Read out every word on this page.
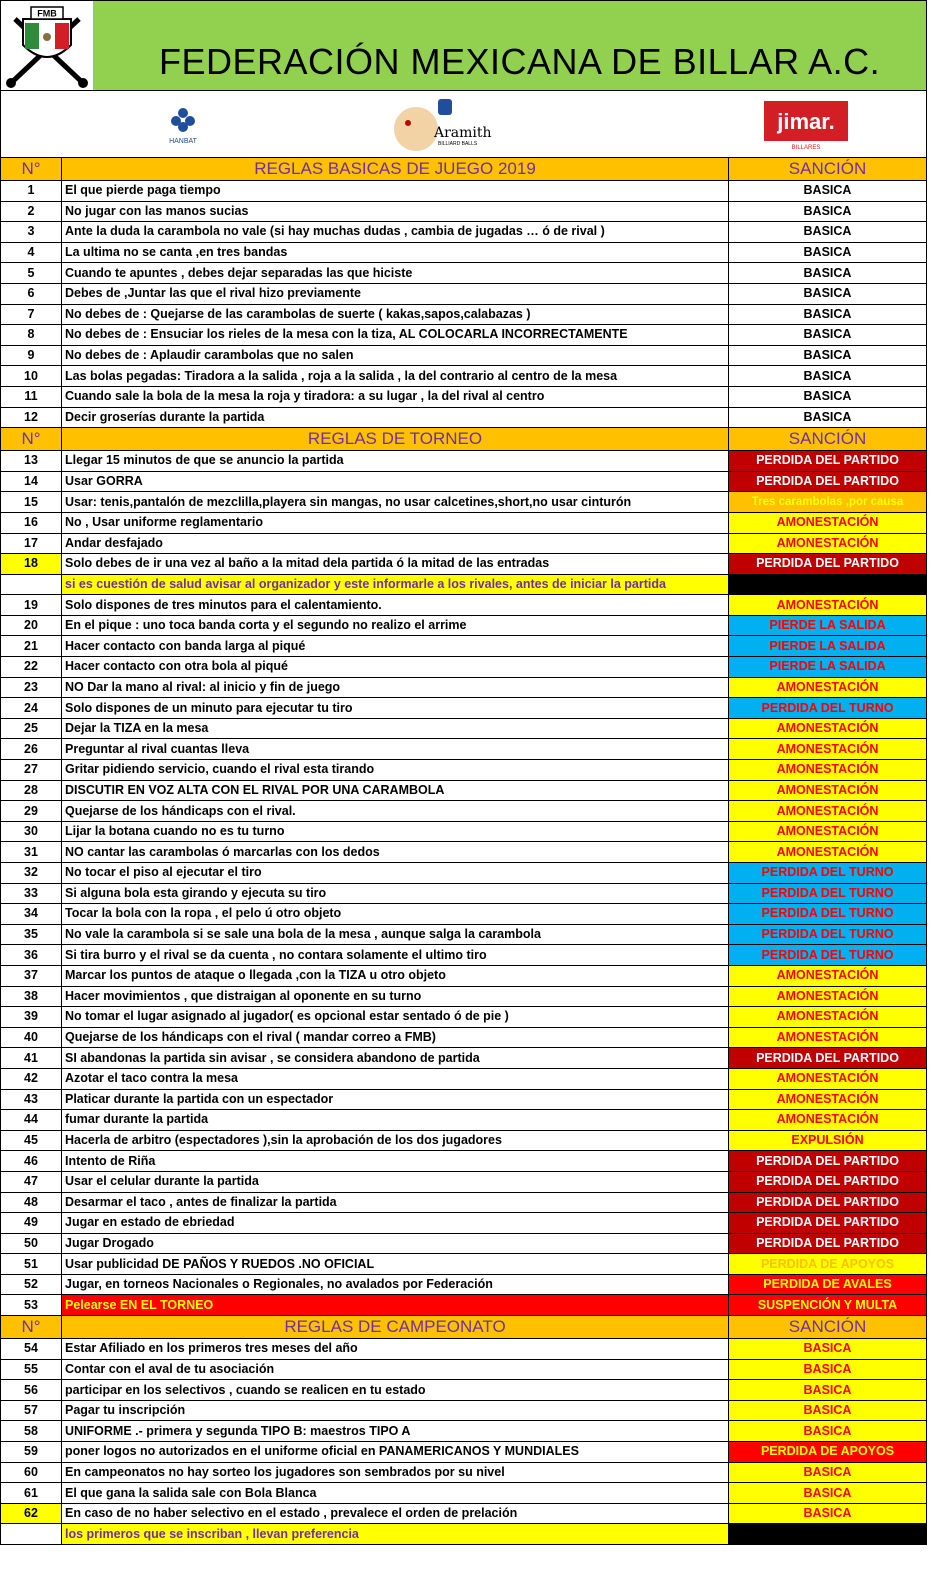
FMB
FEDERACIÓN MEXICANA DE BILLAR A.C.
HANBAT
Aramith
BILLIARD BALLS
jimar.
BILLARES
N°	REGLAS BASICAS DE JUEGO 2019	SANCIÓN
1	El que pierde paga tiempo	BASICA
2	No jugar con las manos sucias	BASICA
3	Ante la duda la carambola no vale (si hay muchas dudas , cambia de jugadas … ó de rival )	BASICA
4	La ultima no se canta ,en tres bandas	BASICA
5	Cuando te apuntes , debes dejar separadas las que hiciste	BASICA
6	Debes de ,Juntar las que el rival hizo previamente	BASICA
7	No debes de : Quejarse de las carambolas de suerte ( kakas,sapos,calabazas )	BASICA
8	No debes de : Ensuciar los rieles de la mesa con la tiza, AL COLOCARLA INCORRECTAMENTE	BASICA
9	No debes de : Aplaudir carambolas que no salen	BASICA
10	Las bolas pegadas: Tiradora a la salida , roja a la salida , la del contrario al centro de la mesa	BASICA
11	Cuando sale la bola de la mesa la roja y tiradora: a su lugar , la del rival al centro	BASICA
12	Decir groserías durante la partida	BASICA
N°	REGLAS DE TORNEO	SANCIÓN
13	Llegar 15 minutos de que se anuncio la partida	PERDIDA DEL PARTIDO
14	Usar GORRA	PERDIDA DEL PARTIDO
15	Usar: tenis,pantalón de mezclilla,playera sin mangas, no usar calcetines,short,no usar cinturón	Tres carambolas ,por causa
16	No , Usar uniforme reglamentario	AMONESTACIÓN
17	Andar desfajado	AMONESTACIÓN
18	Solo debes de ir una vez al baño a la mitad dela partida ó la mitad de las entradas	PERDIDA DEL PARTIDO
	si es cuestión de salud avisar al organizador y este informarle a los rivales, antes de iniciar la partida	
19	Solo dispones de tres minutos para el calentamiento.	AMONESTACIÓN
20	En el pique : uno toca banda corta y el segundo no realizo el arrime	PIERDE LA SALIDA
21	Hacer contacto con banda larga al piqué	PIERDE LA SALIDA
22	Hacer contacto con otra bola al piqué	PIERDE LA SALIDA
23	NO Dar la mano al rival: al inicio y fin de juego	AMONESTACIÓN
24	Solo dispones de un minuto para ejecutar tu tiro	PERDIDA DEL TURNO
25	Dejar la TIZA en la mesa	AMONESTACIÓN
26	Preguntar al rival cuantas lleva	AMONESTACIÓN
27	Gritar pidiendo servicio, cuando el rival esta tirando	AMONESTACIÓN
28	DISCUTIR EN VOZ ALTA CON EL RIVAL POR UNA CARAMBOLA	AMONESTACIÓN
29	Quejarse de los hándicaps con el rival.	AMONESTACIÓN
30	Lijar la botana cuando no es tu turno	AMONESTACIÓN
31	NO cantar las carambolas ó marcarlas con los dedos	AMONESTACIÓN
32	No tocar el piso al ejecutar el tiro	PERDIDA DEL TURNO
33	Si alguna bola esta girando y ejecuta su tiro	PERDIDA DEL TURNO
34	Tocar la bola con la ropa , el pelo ú otro objeto	PERDIDA DEL TURNO
35	No vale la carambola si se sale una bola de la mesa , aunque salga la carambola	PERDIDA DEL TURNO
36	Si tira burro y el rival se da cuenta , no contara solamente el ultimo tiro	PERDIDA DEL TURNO
37	Marcar los puntos de ataque o llegada ,con la TIZA u otro objeto	AMONESTACIÓN
38	Hacer movimientos , que distraigan al oponente en su turno	AMONESTACIÓN
39	No tomar el lugar asignado al jugador( es opcional estar sentado ó de pie )	AMONESTACIÓN
40	Quejarse de los hándicaps con el rival ( mandar correo a FMB)	AMONESTACIÓN
41	SI abandonas la partida sin avisar , se considera abandono de partida	PERDIDA DEL PARTIDO
42	Azotar el taco contra la mesa	AMONESTACIÓN
43	Platicar durante la partida con un espectador	AMONESTACIÓN
44	fumar durante la partida	AMONESTACIÓN
45	Hacerla de arbitro (espectadores ),sin la aprobación de los dos jugadores	EXPULSIÓN
46	Intento de Riña	PERDIDA DEL PARTIDO
47	Usar el celular durante la partida	PERDIDA DEL PARTIDO
48	Desarmar el taco , antes de finalizar la partida	PERDIDA DEL PARTIDO
49	Jugar en estado de ebriedad	PERDIDA DEL PARTIDO
50	Jugar Drogado	PERDIDA DEL PARTIDO
51	Usar publicidad DE PAÑOS Y RUEDOS .NO OFICIAL	PERDIDA DE APOYOS
52	Jugar, en torneos Nacionales o Regionales, no avalados por Federación	PERDIDA DE AVALES
53	Pelearse EN EL TORNEO	SUSPENCIÓN Y MULTA
N°	REGLAS DE CAMPEONATO	SANCIÓN
54	Estar Afiliado en los primeros tres meses del año	BASICA
55	Contar con el aval de tu asociación	BASICA
56	participar en los selectivos , cuando se realicen en tu estado	BASICA
57	Pagar tu inscripción	BASICA
58	UNIFORME .- primera y segunda TIPO B: maestros TIPO A	BASICA
59	poner logos no autorizados en el uniforme oficial en PANAMERICANOS Y MUNDIALES	PERDIDA DE APOYOS
60	En campeonatos no hay sorteo los jugadores son sembrados por su nivel	BASICA
61	El que gana la salida sale con Bola Blanca	BASICA
62	En caso de no haber selectivo en el estado , prevalece el orden de prelación	BASICA
	los primeros que se inscriban , llevan preferencia	
